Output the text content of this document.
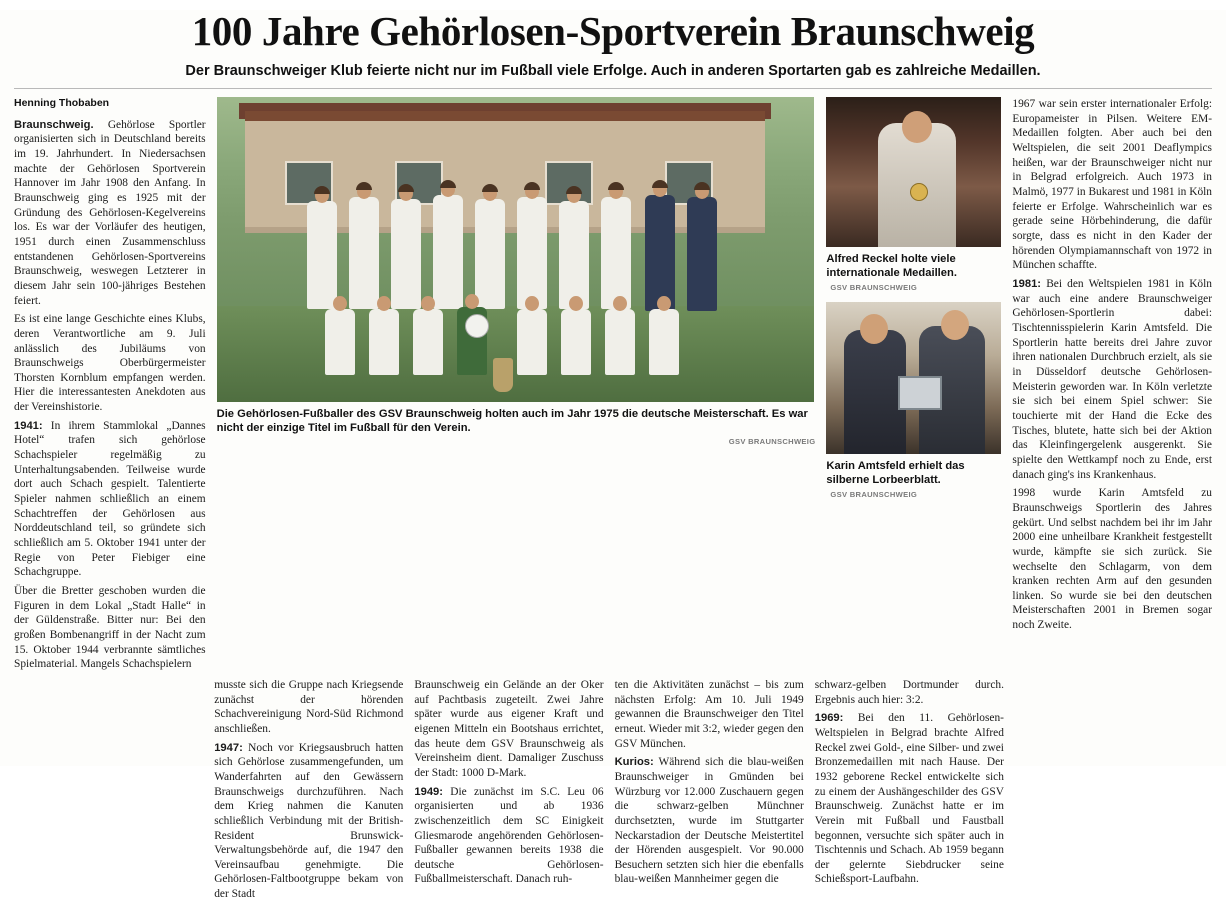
100 Jahre Gehörlosen-Sportverein Braunschweig
Der Braunschweiger Klub feierte nicht nur im Fußball viele Erfolge. Auch in anderen Sportarten gab es zahlreiche Medaillen.
Henning Thobaben

Braunschweig. Gehörlose Sportler organisierten sich in Deutschland bereits im 19. Jahrhundert. In Niedersachsen machte der Gehörlosen Sportverein Hannover im Jahr 1908 den Anfang. In Braunschweig ging es 1925 mit der Gründung des Gehörlosen-Kegelvereins los. Es war der Vorläufer des heutigen, 1951 durch einen Zusammenschluss entstandenen Gehörlosen-Sportvereins Braunschweig, weswegen Letzterer in diesem Jahr sein 100-jähriges Bestehen feiert.

Es ist eine lange Geschichte eines Klubs, deren Verantwortliche am 9. Juli anlässlich des Jubiläums von Braunschweigs Oberbürgermeister Thorsten Kornblum empfangen werden. Hier die interessantesten Anekdoten aus der Vereinshistorie.

1941: In ihrem Stammlokal „Dannes Hotel“ trafen sich gehörlose Schachspieler regelmäßig zu Unterhaltungsabenden. Teilweise wurde dort auch Schach gespielt. Talentierte Spieler nahmen schließlich an einem Schachtreffen der Gehörlosen aus Norddeutschland teil, so gründete sich schließlich am 5. Oktober 1941 unter der Regie von Peter Fiebiger eine Schachgruppe.

Über die Bretter geschoben wurden die Figuren in dem Lokal „Stadt Halle“ in der Güldenstraße. Bitter nur: Bei den großen Bombenangriff in der Nacht zum 15. Oktober 1944 verbrannte sämtliches Spielmaterial. Mangels Schachspielern

Die Gehörlosen-Fußballer des GSV Braunschweig holten auch im Jahr 1975 die deutsche Meisterschaft. Es war nicht der einzige Titel im Fußball für den Verein.
GSV BRAUNSCHWEIG
Alfred Reckel holte viele internationale Medaillen. GSV BRAUNSCHWEIG
Karin Amtsfeld erhielt das silberne Lorbeerblatt. GSV BRAUNSCHWEIG

1967 war sein erster internationaler Erfolg: Europameister in Pilsen. Weitere EM-Medaillen folgten. Aber auch bei den Weltspielen, die seit 2001 Deaflympics heißen, war der Braunschweiger nicht nur in Belgrad erfolgreich. Auch 1973 in Malmö, 1977 in Bukarest und 1981 in Köln feierte er Erfolge. Wahrscheinlich war es gerade seine Hörbehinderung, die dafür sorgte, dass es nicht in den Kader der hörenden Olympiamannschaft von 1972 in München schaffte.

1981: Bei den Weltspielen 1981 in Köln war auch eine andere Braunschweiger Gehörlosen-Sportlerin dabei: Tischtennisspielerin Karin Amtsfeld. Die Sportlerin hatte bereits drei Jahre zuvor ihren nationalen Durchbruch erzielt, als sie in Düsseldorf deutsche Gehörlosen-Meisterin geworden war. In Köln verletzte sie sich bei einem Spiel schwer: Sie touchierte mit der Hand die Ecke des Tisches, blutete, hatte sich bei der Aktion das Kleinfingergelenk ausgerenkt. Sie spielte den Wettkampf noch zu Ende, erst danach ging's ins Krankenhaus.

1998 wurde Karin Amtsfeld zu Braunschweigs Sportlerin des Jahres gekürt. Und selbst nachdem bei ihr im Jahr 2000 eine unheilbare Krankheit festgestellt wurde, kämpfte sie sich zurück. Sie wechselte den Schlagarm, von dem kranken rechten Arm auf den gesunden linken. So wurde sie bei den deutschen Meisterschaften 2001 in Bremen sogar noch Zweite.

musste sich die Gruppe nach Kriegsende zunächst der hörenden Schachvereinigung Nord-Süd Richmond anschließen.

1947: Noch vor Kriegsausbruch hatten sich Gehörlose zusammengefunden, um Wanderfahrten auf den Gewässern Braunschweigs durchzuführen. Nach dem Krieg nahmen die Kanuten schließlich Verbindung mit der British-Resident Brunswick-Verwaltungsbehörde auf, die 1947 den Vereinsaufbau genehmigte. Die Gehörlosen-Faltbootgruppe bekam von der Stadt

Braunschweig ein Gelände an der Oker auf Pachtbasis zugeteilt. Zwei Jahre später wurde aus eigener Kraft und eigenen Mitteln ein Bootshaus errichtet, das heute dem GSV Braunschweig als Vereinsheim dient. Damaliger Zuschuss der Stadt: 1000 D-Mark.

1949: Die zunächst im S.C. Leu 06 organisierten und ab 1936 zwischenzeitlich dem SC Einigkeit Gliesmarode angehörenden Gehörlosen-Fußballer gewannen bereits 1938 die deutsche Gehörlosen-Fußballmeisterschaft. Danach ruh-

ten die Aktivitäten zunächst – bis zum nächsten Erfolg: Am 10. Juli 1949 gewannen die Braunschweiger den Titel erneut. Wieder mit 3:2, wieder gegen den GSV München.

Kurios: Während sich die blau-weißen Braunschweiger in Gmünden bei Würzburg vor 12.000 Zuschauern gegen die schwarz-gelben Münchner durchsetzten, wurde im Stuttgarter Neckarstadion der Deutsche Meistertitel der Hörenden ausgespielt. Vor 90.000 Besuchern setzten sich hier die ebenfalls blau-weißen Mannheimer gegen die

schwarz-gelben Dortmunder durch. Ergebnis auch hier: 3:2.

1969: Bei den 11. Gehörlosen-Weltspielen in Belgrad brachte Alfred Reckel zwei Gold-, eine Silber- und zwei Bronzemedaillen mit nach Hause. Der 1932 geborene Reckel entwickelte sich zu einem der Aushängeschilder des GSV Braunschweig. Zunächst hatte er im Verein mit Fußball und Faustball begonnen, versuchte sich später auch in Tischtennis und Schach. Ab 1959 begann der gelernte Siebdrucker seine Schießsport-Laufbahn.
